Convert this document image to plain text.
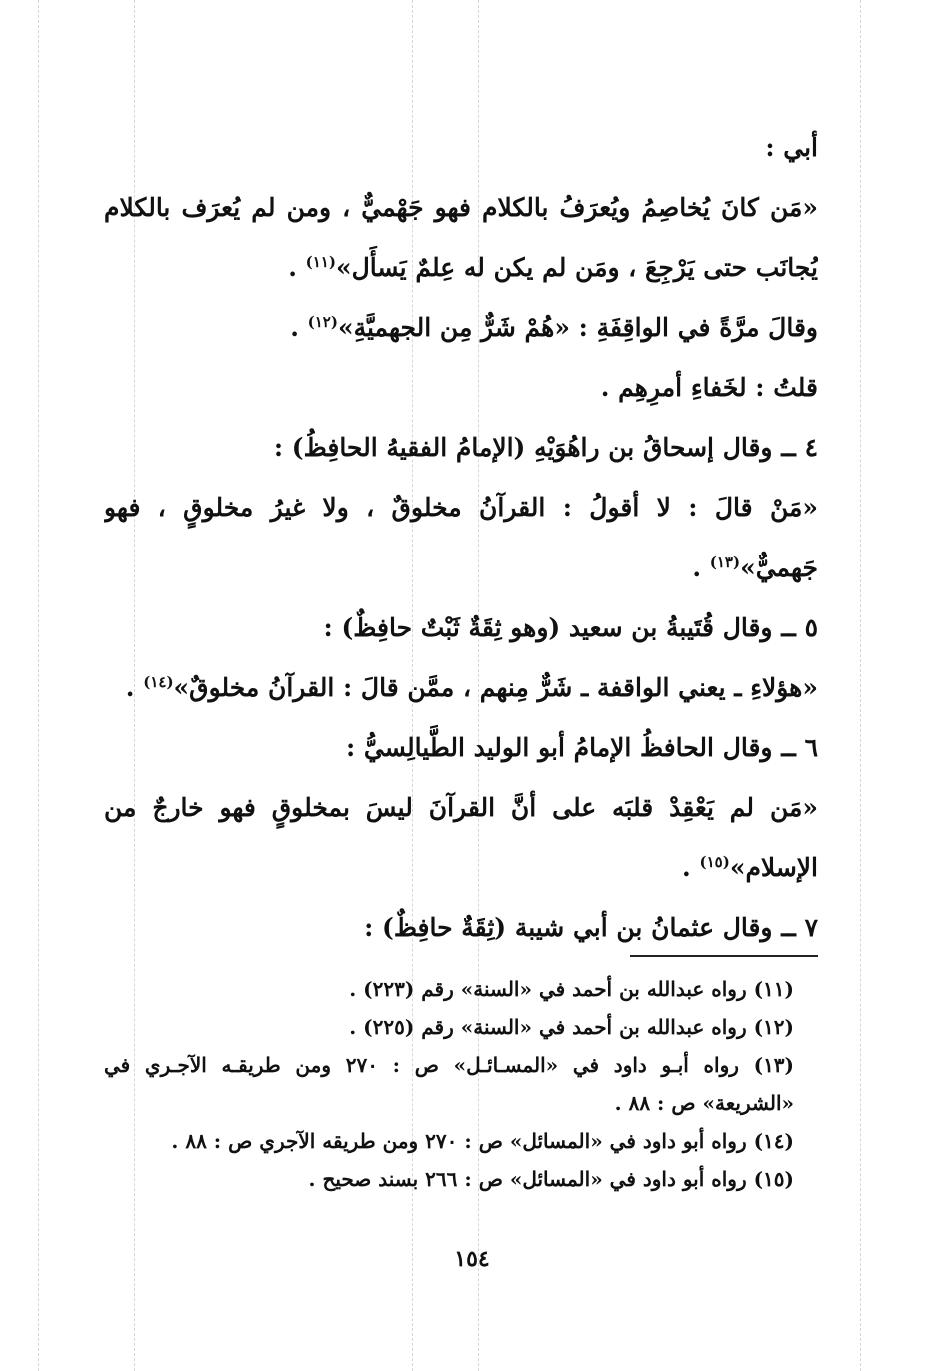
أبي :
«مَن كانَ يُخاصِمُ ويُعرَفُ بالكلام فهو جَهْميٌّ ، ومن لم يُعرَف بالكلام
يُجانَب حتى يَرْجِعَ ، ومَن لم يكن له عِلمٌ يَسأَل»$^{(١١)}$ .
وقالَ مرَّةً في الواقِفَةِ : «هُمْ شَرٌّ مِن الجهميَّةِ»$^{(١٢)}$ .
قلتُ : لخَفاءِ أمرِهِم .
٤ ــ وقال إسحاقُ بن راهُوَيْهِ (الإمامُ الفقيهُ الحافِظُ) :
«مَنْ قالَ : لا أقولُ : القرآنُ مخلوقٌ ، ولا غيرُ مخلوقٍ ، فهو
جَهميٌّ»$^{(١٣)}$ .
٥ ــ وقال قُتَيبةُ بن سعيد (وهو ثِقَةٌ ثَبْتٌ حافِظٌ) :
«هؤلاءِ ـ يعني الواقفة ـ شَرٌّ مِنهم ، ممَّن قالَ : القرآنُ مخلوقٌ»$^{(١٤)}$ .
٦ ــ وقال الحافظُ الإمامُ أبو الوليد الطَّيالِسيُّ :
«مَن لم يَعْقِدْ قلبَه على أنَّ القرآنَ ليسَ بمخلوقٍ فهو خارجٌ من
الإسلام»$^{(١٥)}$ .
٧ ــ وقال عثمانُ بن أبي شيبة (ثِقَةٌ حافِظٌ) :
(١١) رواه عبدالله بن أحمد في «السنة» رقم (٢٢٣) .
(١٢) رواه عبدالله بن أحمد في «السنة» رقم (٢٢٥) .
(١٣) رواه أبـو داود في «المسـائـل» ص : ٢٧٠ ومن طريقـه الآجـري في
«الشريعة» ص : ٨٨ .
(١٤) رواه أبو داود في «المسائل» ص : ٢٧٠ ومن طريقه الآجري ص : ٨٨ .
(١٥) رواه أبو داود في «المسائل» ص : ٢٦٦ بسند صحيح .
١٥٤
